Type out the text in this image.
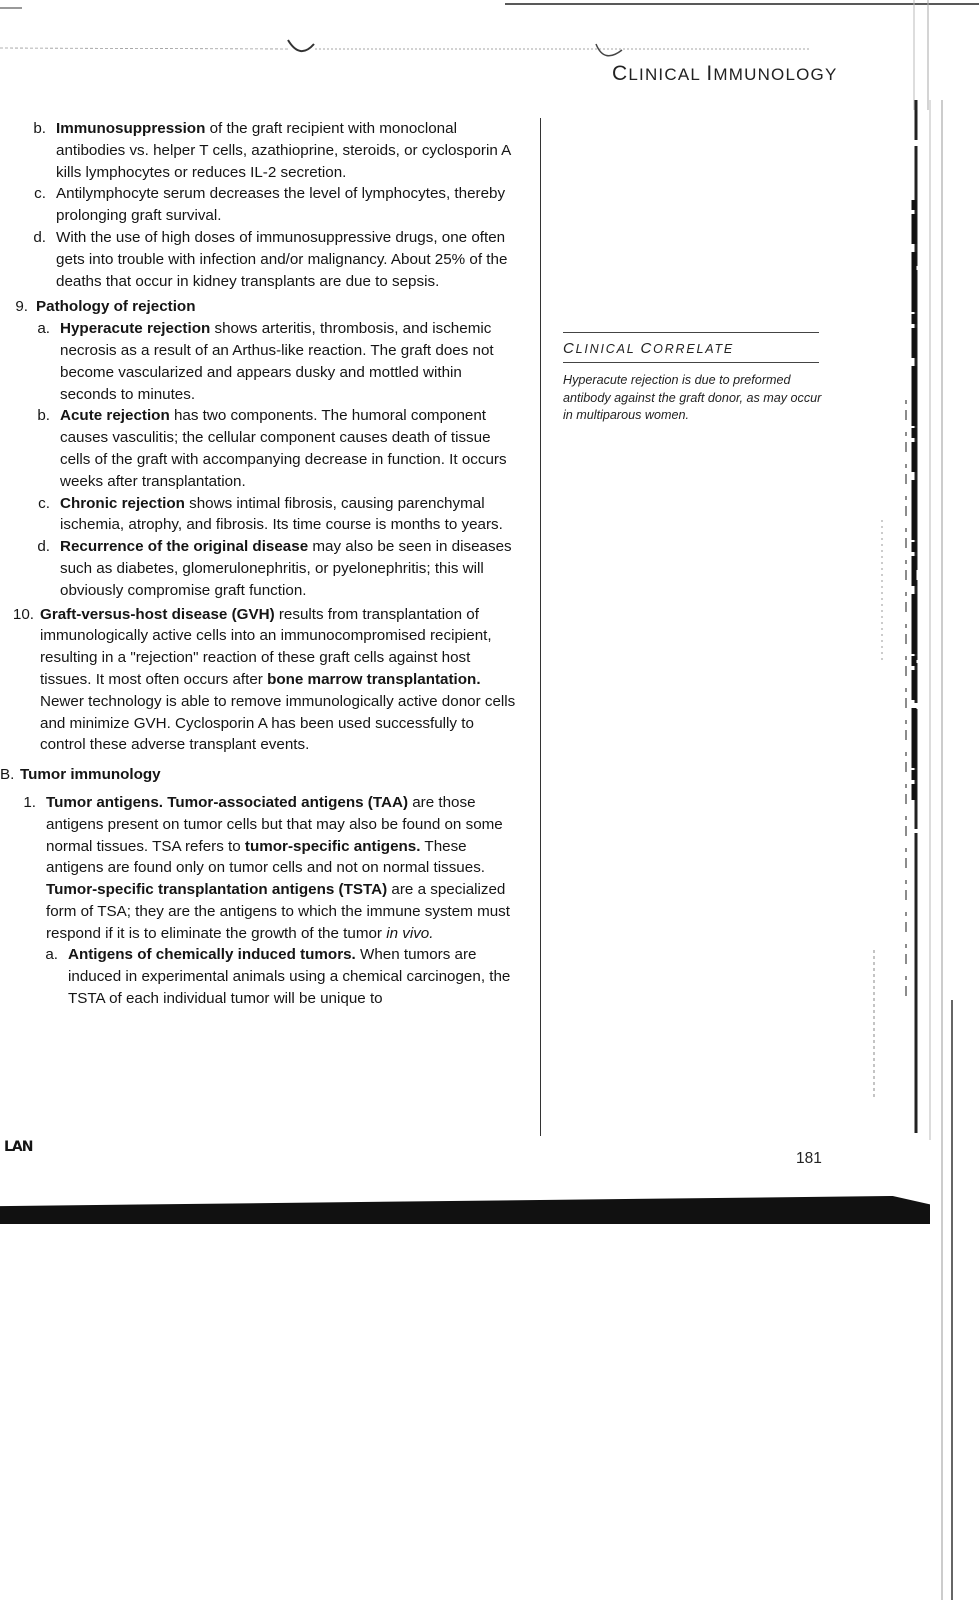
CLINICAL IMMUNOLOGY

b. Immunosuppression of the graft recipient with monoclonal antibodies vs. helper T cells, azathioprine, steroids, or cyclosporin A kills lymphocytes or reduces IL-2 secretion.

c. Antilymphocyte serum decreases the level of lymphocytes, thereby prolonging graft survival.

d. With the use of high doses of immunosuppressive drugs, one often gets into trouble with infection and/or malignancy. About 25% of the deaths that occur in kidney transplants are due to sepsis.

9. Pathology of rejection

a. Hyperacute rejection shows arteritis, thrombosis, and ischemic necrosis as a result of an Arthus-like reaction. The graft does not become vascularized and appears dusky and mottled within seconds to minutes.

b. Acute rejection has two components. The humoral component causes vasculitis; the cellular component causes death of tissue cells of the graft with accompanying decrease in function. It occurs weeks after transplantation.

c. Chronic rejection shows intimal fibrosis, causing parenchymal ischemia, atrophy, and fibrosis. Its time course is months to years.

d. Recurrence of the original disease may also be seen in diseases such as diabetes, glomerulonephritis, or pyelonephritis; this will obviously compromise graft function.

10. Graft-versus-host disease (GVH) results from transplantation of immunologically active cells into an immunocompromised recipient, resulting in a "rejection" reaction of these graft cells against host tissues. It most often occurs after bone marrow transplantation. Newer technology is able to remove immunologically active donor cells and minimize GVH. Cyclosporin A has been used successfully to control these adverse transplant events.

B. Tumor immunology

1. Tumor antigens. Tumor-associated antigens (TAA) are those antigens present on tumor cells but that may also be found on some normal tissues. TSA refers to tumor-specific antigens. These antigens are found only on tumor cells and not on normal tissues. Tumor-specific transplantation antigens (TSTA) are a specialized form of TSA; they are the antigens to which the immune system must respond if it is to eliminate the growth of the tumor in vivo.

a. Antigens of chemically induced tumors. When tumors are induced in experimental animals using a chemical carcinogen, the TSTA of each individual tumor will be unique to

CLINICAL CORRELATE
Hyperacute rejection is due to preformed antibody against the graft donor, as may occur in multiparous women.
LAN
181
